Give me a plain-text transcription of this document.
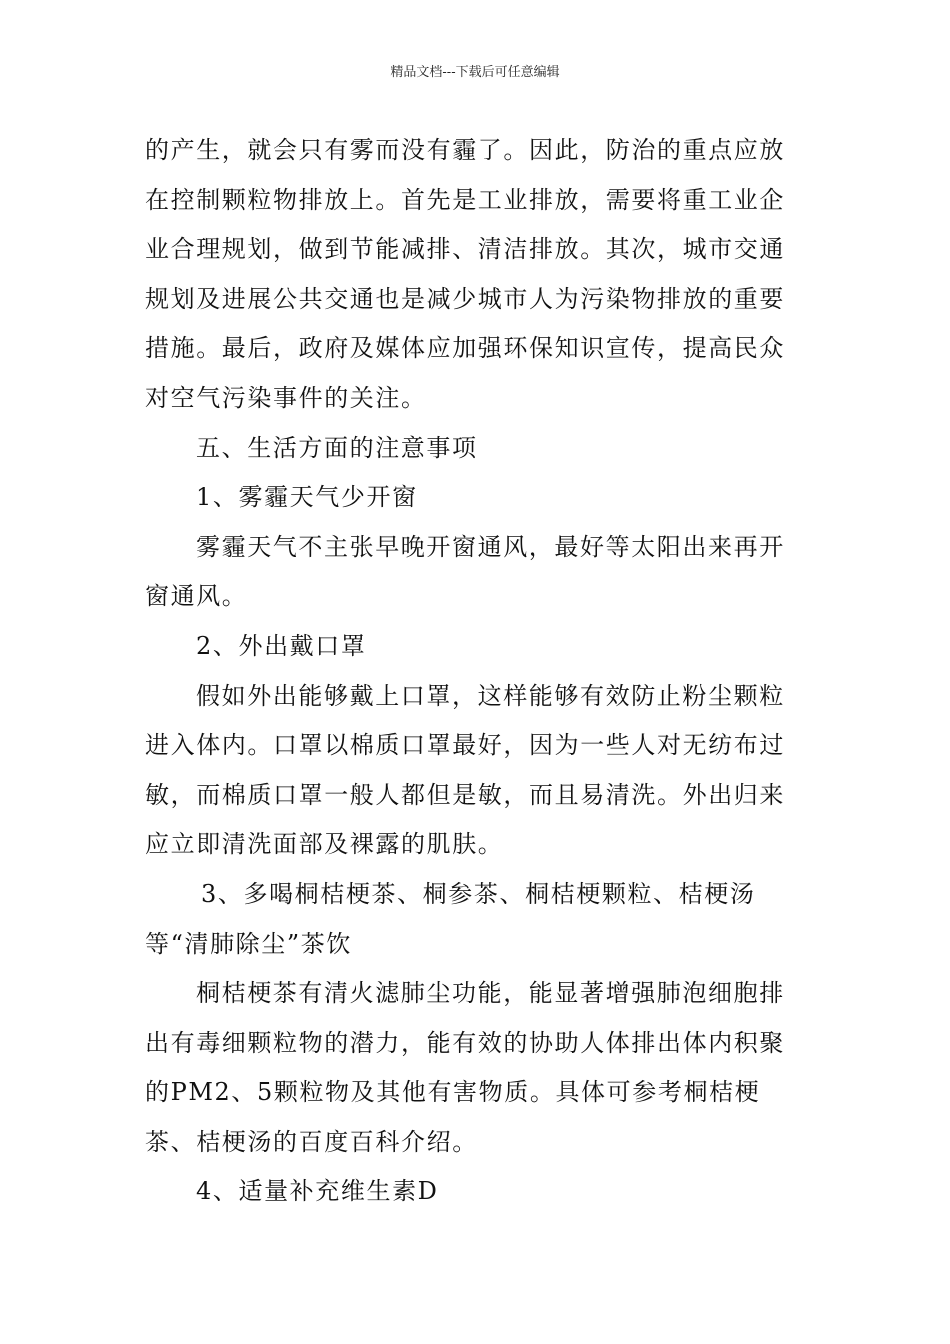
精品文档---下载后可任意编辑

的产生，就会只有雾而没有霾了。因此，防治的重点应放在控制颗粒物排放上。首先是工业排放，需要将重工业企业合理规划，做到节能减排、清洁排放。其次，城市交通规划及进展公共交通也是减少城市人为污染物排放的重要措施。最后，政府及媒体应加强环保知识宣传，提高民众对空气污染事件的关注。

五、生活方面的注意事项

1、雾霾天气少开窗

雾霾天气不主张早晚开窗通风，最好等太阳出来再开窗通风。

2、外出戴口罩

假如外出能够戴上口罩，这样能够有效防止粉尘颗粒进入体内。口罩以棉质口罩最好，因为一些人对无纺布过敏，而棉质口罩一般人都但是敏，而且易清洗。外出归来应立即清洗面部及裸露的肌肤。

3、多喝桐桔梗茶、桐参茶、桐桔梗颗粒、桔梗汤等“清肺除尘”茶饮

桐桔梗茶有清火滤肺尘功能，能显著增强肺泡细胞排出有毒细颗粒物的潜力，能有效的协助人体排出体内积聚的PM2、5颗粒物及其他有害物质。具体可参考桐桔梗茶、桔梗汤的百度百科介绍。

4、适量补充维生素D
